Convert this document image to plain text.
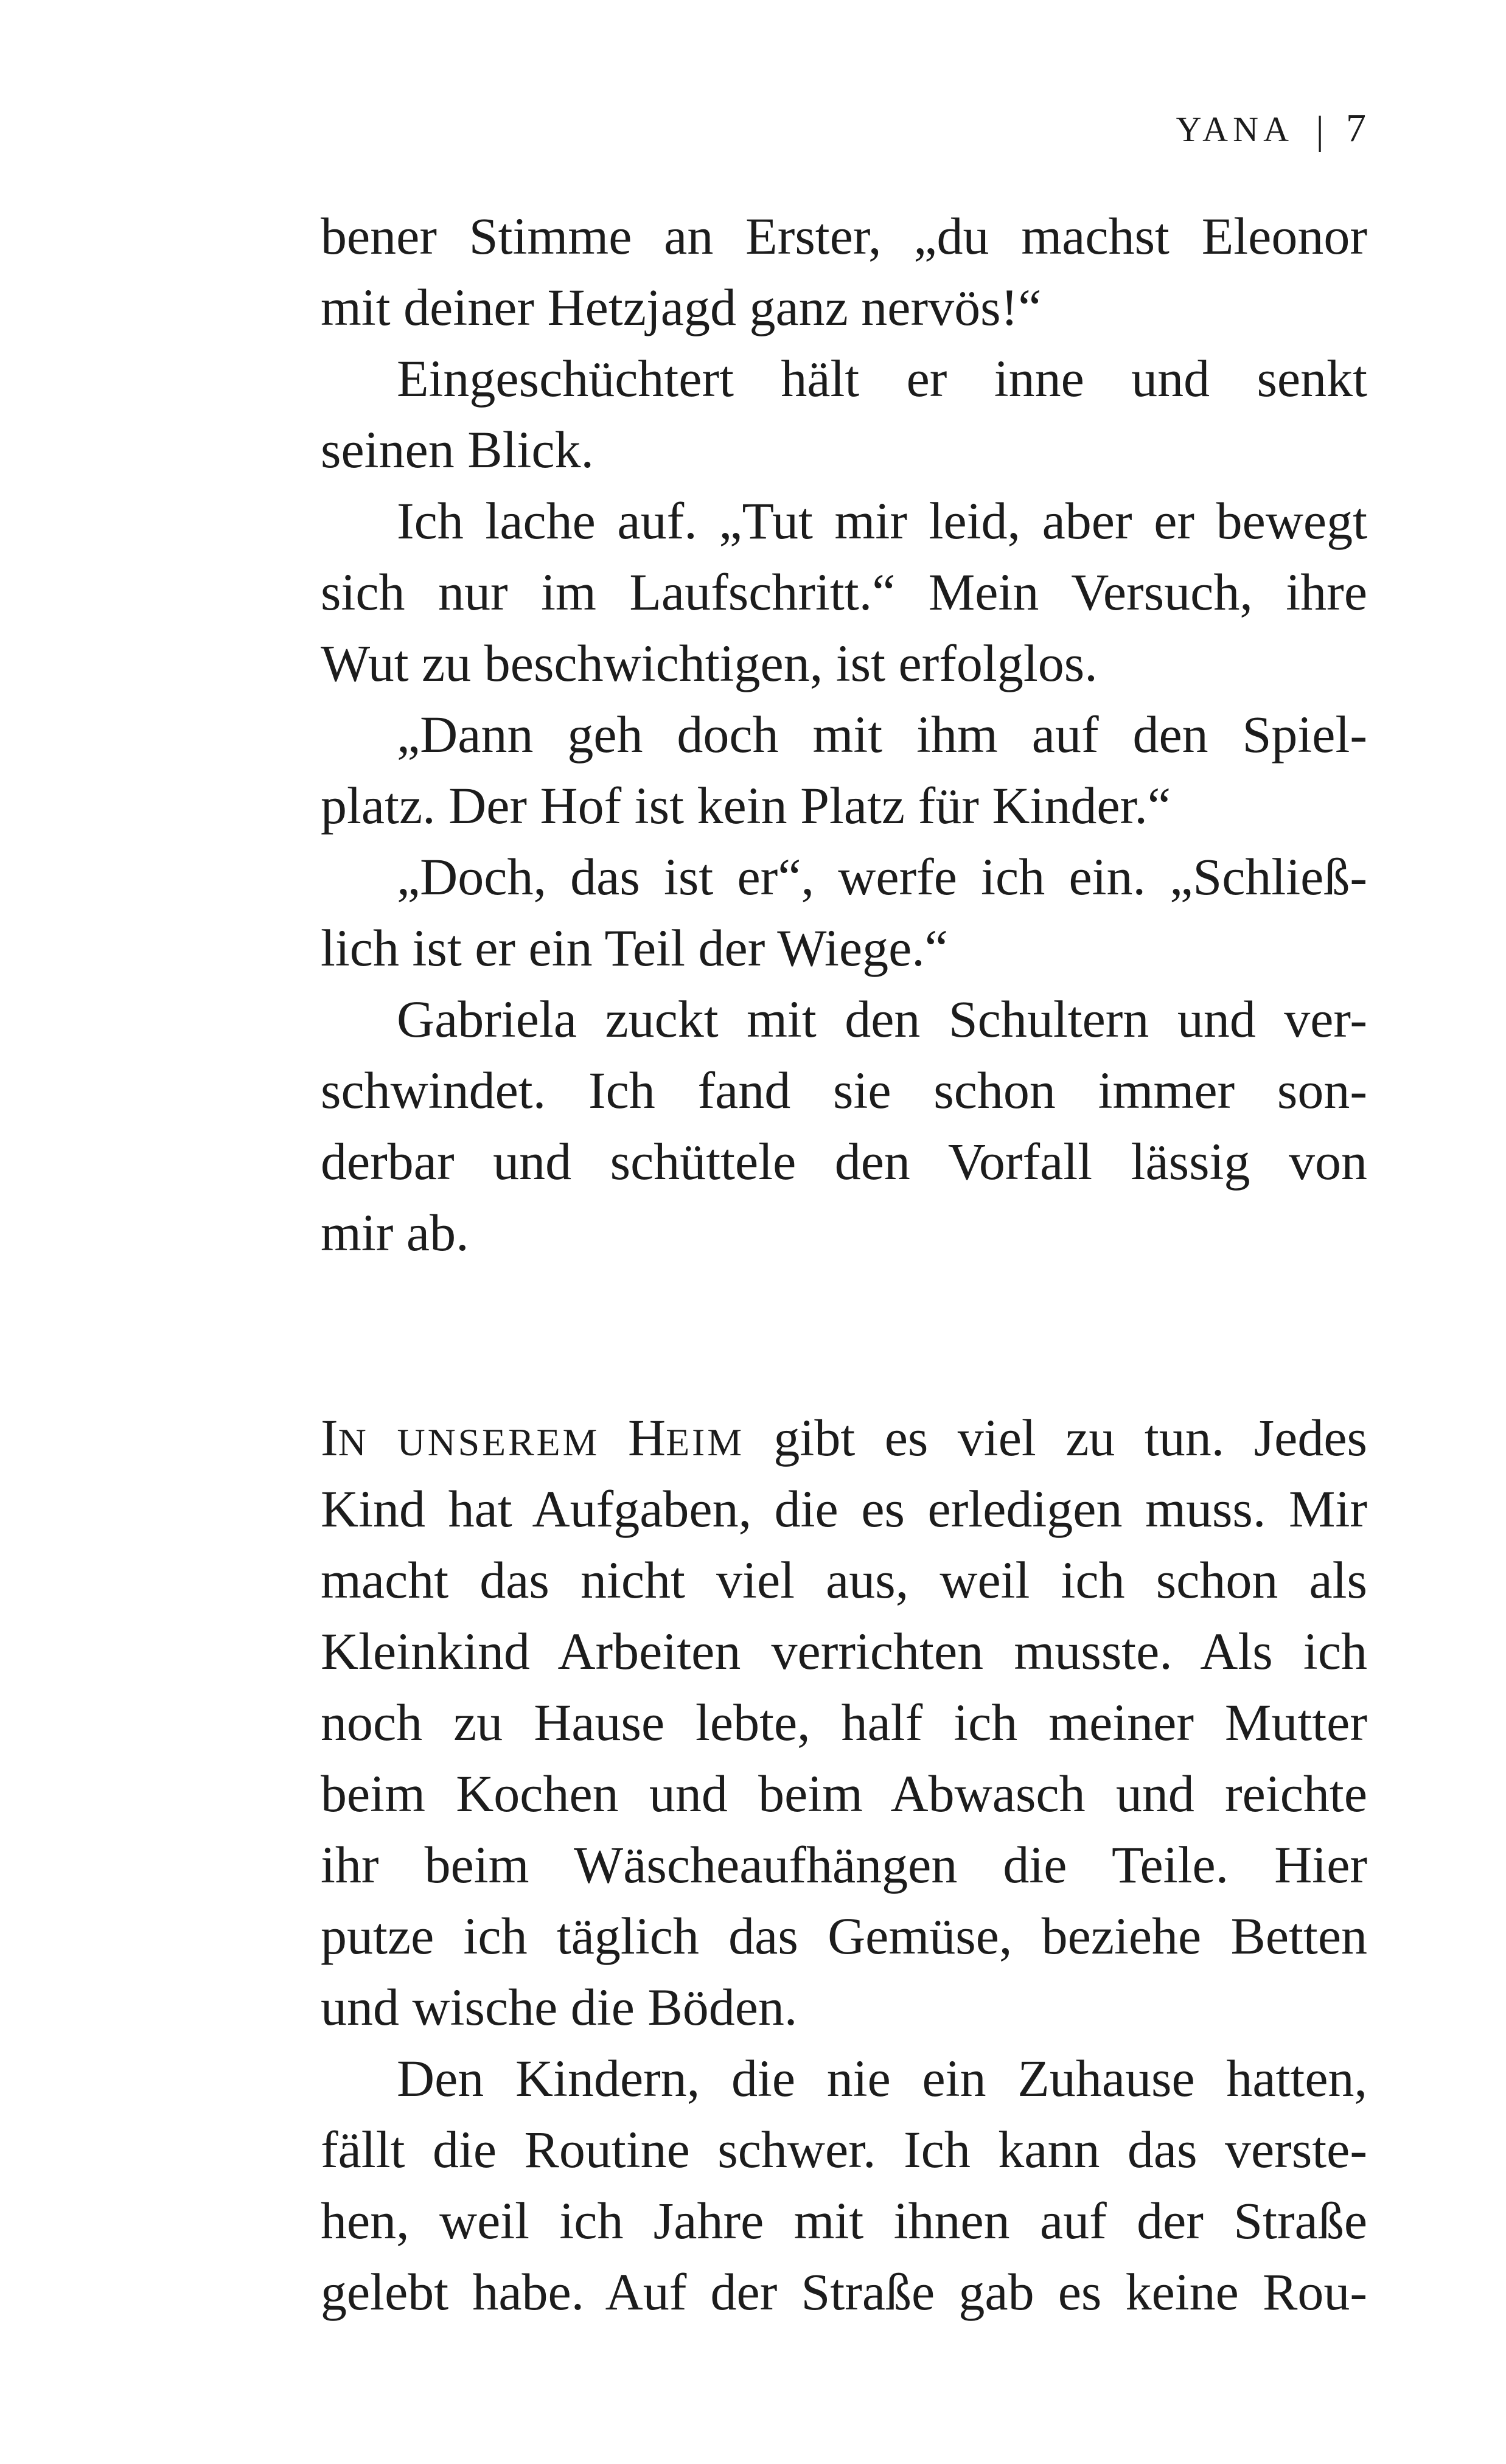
YANA | 7
bener Stimme an Erster, „du machst Eleonor
mit deiner Hetzjagd ganz nervös!“
Eingeschüchtert hält er inne und senkt
seinen Blick.
Ich lache auf. „Tut mir leid, aber er bewegt
sich nur im Laufschritt.“ Mein Versuch, ihre
Wut zu beschwichtigen, ist erfolglos.
„Dann geh doch mit ihm auf den Spiel-
platz. Der Hof ist kein Platz für Kinder.“
„Doch, das ist er“, werfe ich ein. „Schließ-
lich ist er ein Teil der Wiege.“
Gabriela zuckt mit den Schultern und ver-
schwindet. Ich fand sie schon immer son-
derbar und schüttele den Vorfall lässig von
mir ab.
IN UNSEREM HEIM gibt es viel zu tun. Jedes
Kind hat Aufgaben, die es erledigen muss. Mir
macht das nicht viel aus, weil ich schon als
Kleinkind Arbeiten verrichten musste. Als ich
noch zu Hause lebte, half ich meiner Mutter
beim Kochen und beim Abwasch und reichte
ihr beim Wäscheaufhängen die Teile. Hier
putze ich täglich das Gemüse, beziehe Betten
und wische die Böden.
Den Kindern, die nie ein Zuhause hatten,
fällt die Routine schwer. Ich kann das verste-
hen, weil ich Jahre mit ihnen auf der Straße
gelebt habe. Auf der Straße gab es keine Rou-
